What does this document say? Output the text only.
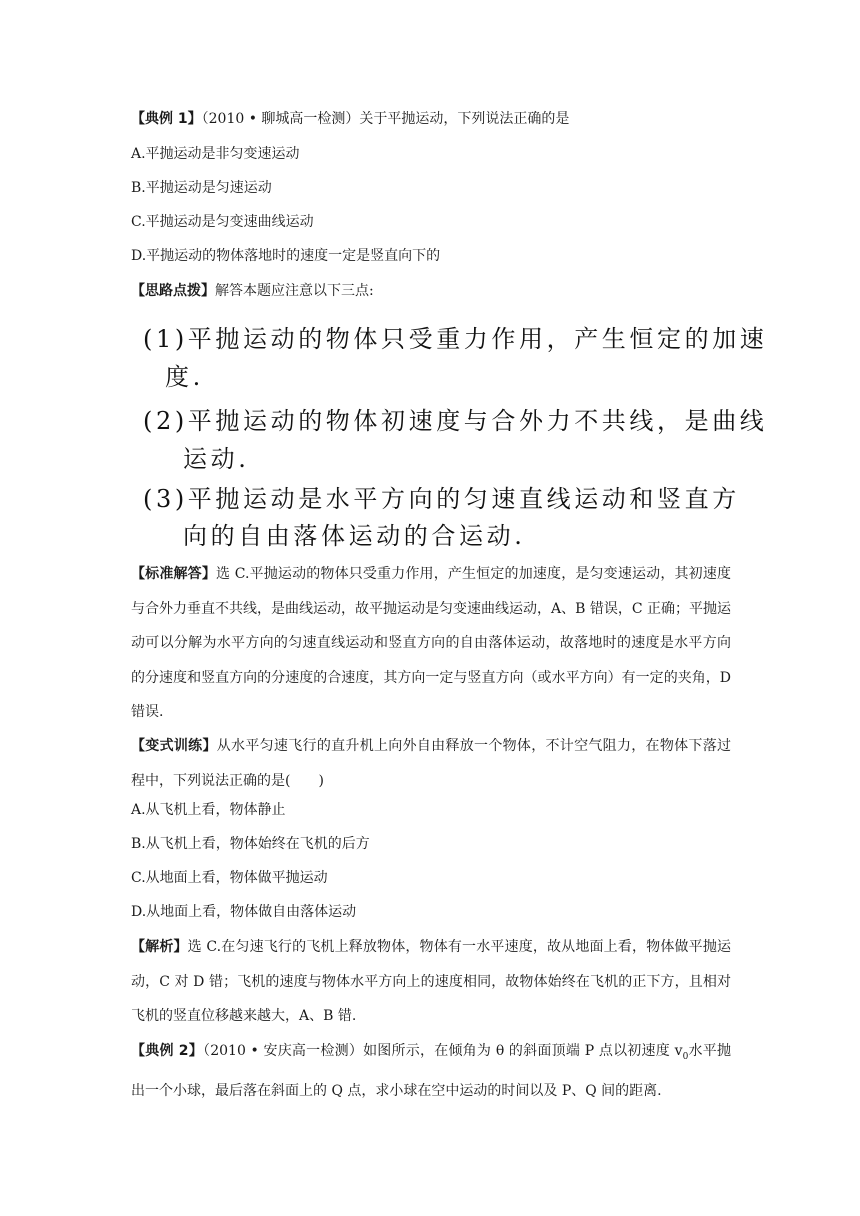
【典例 1】（2010 • 聊城高一检测）关于平抛运动，下列说法正确的是
A.平抛运动是非匀变速运动
B.平抛运动是匀速运动
C.平抛运动是匀变速曲线运动
D.平抛运动的物体落地时的速度一定是竖直向下的
【思路点拨】解答本题应注意以下三点:
(1)平抛运动的物体只受重力作用，产生恒定的加速
度.
(2)平抛运动的物体初速度与合外力不共线，是曲线
运动.
(3)平抛运动是水平方向的匀速直线运动和竖直方
向的自由落体运动的合运动.
【标准解答】选 C.平抛运动的物体只受重力作用，产生恒定的加速度，是匀变速运动，其初速度与合外力垂直不共线，是曲线运动，故平抛运动是匀变速曲线运动，A、B 错误，C 正确；平抛运动可以分解为水平方向的匀速直线运动和竖直方向的自由落体运动，故落地时的速度是水平方向的分速度和竖直方向的分速度的合速度，其方向一定与竖直方向（或水平方向）有一定的夹角，D 错误.
【变式训练】从水平匀速飞行的直升机上向外自由释放一个物体，不计空气阻力，在物体下落过程中，下列说法正确的是(　　)
A.从飞机上看，物体静止
B.从飞机上看，物体始终在飞机的后方
C.从地面上看，物体做平抛运动
D.从地面上看，物体做自由落体运动
【解析】选 C.在匀速飞行的飞机上释放物体，物体有一水平速度，故从地面上看，物体做平抛运动，C 对 D 错；飞机的速度与物体水平方向上的速度相同，故物体始终在飞机的正下方，且相对飞机的竖直位移越来越大，A、B 错.
【典例 2】（2010 • 安庆高一检测）如图所示，在倾角为 θ 的斜面顶端 P 点以初速度 $v_0$水平抛出一个小球，最后落在斜面上的 Q 点，求小球在空中运动的时间以及 P、Q 间的距离.
